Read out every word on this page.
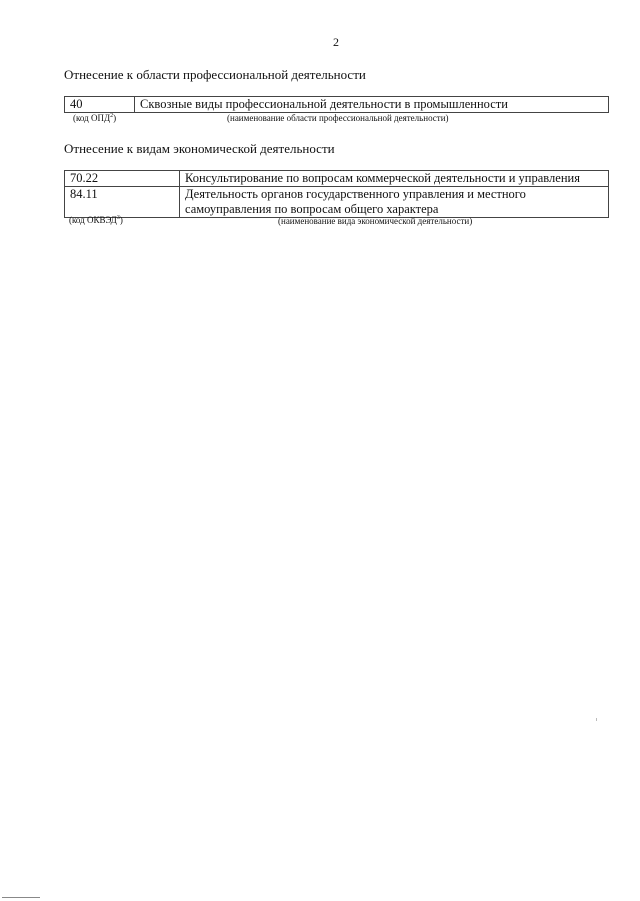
2
Отнесение к области профессиональной деятельности
40	Сквозные виды профессиональной деятельности в промышленности
(код ОПД$^2$)	(наименование области профессиональной деятельности)
Отнесение к видам экономической деятельности
70.22	Консультирование по вопросам коммерческой деятельности и управления
84.11	Деятельность органов государственного управления и местного самоуправления по вопросам общего характера
(код ОКВЭД$^3$)	(наименование вида экономической деятельности)
